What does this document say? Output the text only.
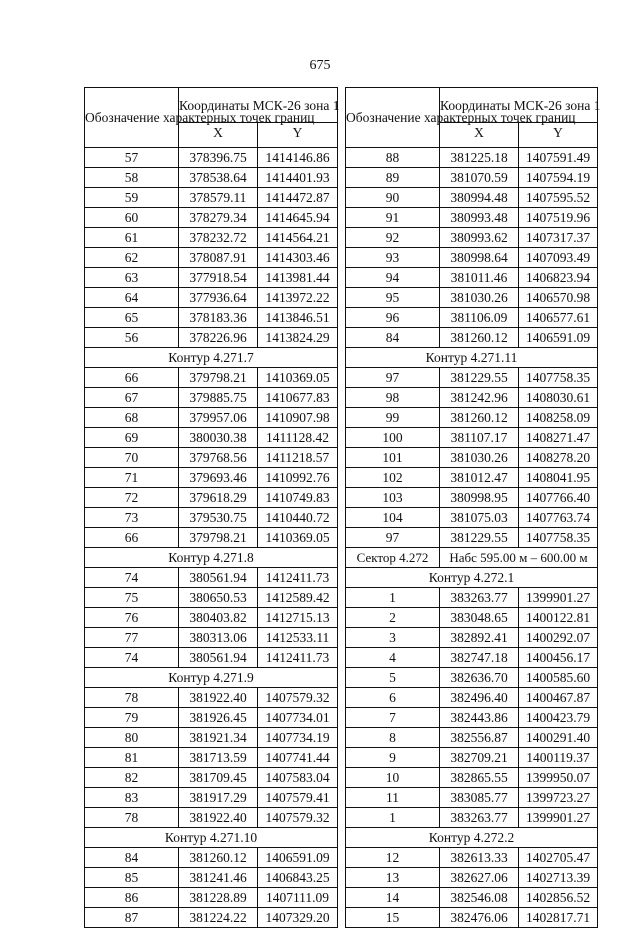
675
Обозначение характерных точек границ	Координаты МСК-26 зона 1	
	X	Y
57	378396.75	1414146.86
58	378538.64	1414401.93
59	378579.11	1414472.87
60	378279.34	1414645.94
61	378232.72	1414564.21
62	378087.91	1414303.46
63	377918.54	1413981.44
64	377936.64	1413972.22
65	378183.36	1413846.51
56	378226.96	1413824.29
Контур 4.271.7		
66	379798.21	1410369.05
67	379885.75	1410677.83
68	379957.06	1410907.98
69	380030.38	1411128.42
70	379768.56	1411218.57
71	379693.46	1410992.76
72	379618.29	1410749.83
73	379530.75	1410440.72
66	379798.21	1410369.05
Контур 4.271.8		
74	380561.94	1412411.73
75	380650.53	1412589.42
76	380403.82	1412715.13
77	380313.06	1412533.11
74	380561.94	1412411.73
Контур 4.271.9		
78	381922.40	1407579.32
79	381926.45	1407734.01
80	381921.34	1407734.19
81	381713.59	1407741.44
82	381709.45	1407583.04
83	381917.29	1407579.41
78	381922.40	1407579.32
Контур 4.271.10		
84	381260.12	1406591.09
85	381241.46	1406843.25
86	381228.89	1407111.09
87	381224.22	1407329.20
Обозначение характерных точек границ	Координаты МСК-26 зона 1	
	X	Y
88	381225.18	1407591.49
89	381070.59	1407594.19
90	380994.48	1407595.52
91	380993.48	1407519.96
92	380993.62	1407317.37
93	380998.64	1407093.49
94	381011.46	1406823.94
95	381030.26	1406570.98
96	381106.09	1406577.61
84	381260.12	1406591.09
Контур 4.271.11		
97	381229.55	1407758.35
98	381242.96	1408030.61
99	381260.12	1408258.09
100	381107.17	1408271.47
101	381030.26	1408278.20
102	381012.47	1408041.95
103	380998.95	1407766.40
104	381075.03	1407763.74
97	381229.55	1407758.35
Сектор 4.272	Набс 595.00 м – 600.00 м	
Контур 4.272.1		
1	383263.77	1399901.27
2	383048.65	1400122.81
3	382892.41	1400292.07
4	382747.18	1400456.17
5	382636.70	1400585.60
6	382496.40	1400467.87
7	382443.86	1400423.79
8	382556.87	1400291.40
9	382709.21	1400119.37
10	382865.55	1399950.07
11	383085.77	1399723.27
1	383263.77	1399901.27
Контур 4.272.2		
12	382613.33	1402705.47
13	382627.06	1402713.39
14	382546.08	1402856.52
15	382476.06	1402817.71
